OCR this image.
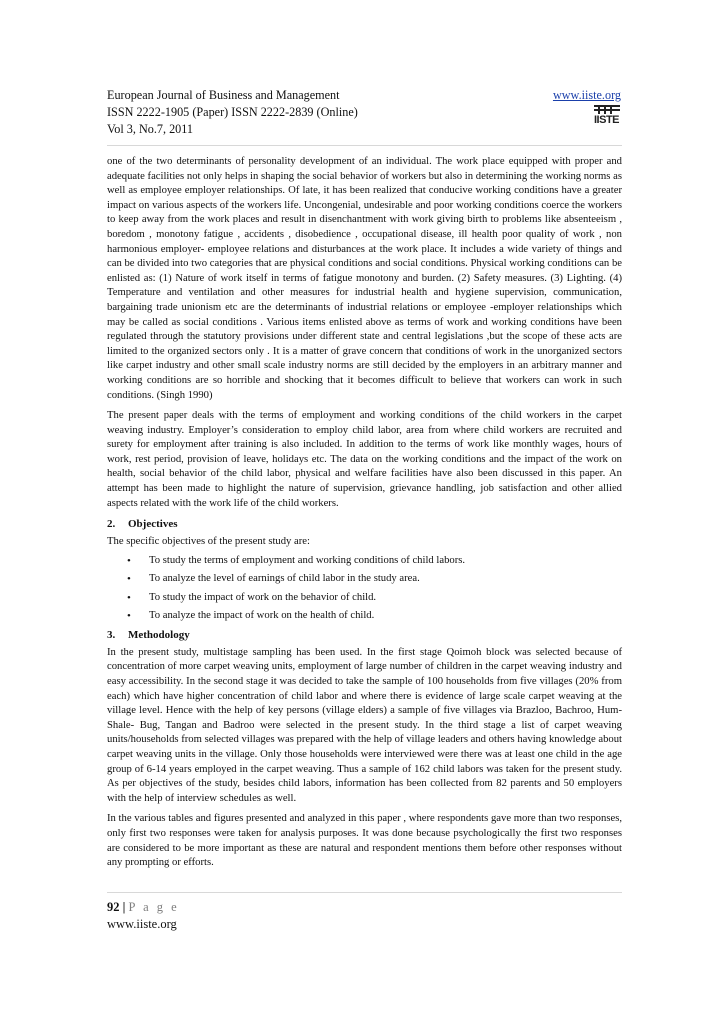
European Journal of Business and Management
ISSN 2222-1905 (Paper) ISSN 2222-2839 (Online)
Vol 3, No.7, 2011
www.iiste.org
IISTE

one of the two determinants of personality development of an individual. The work place equipped with proper and adequate facilities not only helps in shaping the social behavior of workers but also in determining the working norms as well as employee employer relationships. Of late, it has been realized that conducive working conditions have a greater impact on various aspects of the workers life. Uncongenial, undesirable and poor working conditions coerce the workers to keep away from the work places and result in disenchantment with work giving birth to problems like absenteeism , boredom , monotony fatigue , accidents , disobedience , occupational disease, ill health poor quality of work , non harmonious employer- employee relations and disturbances at the work place. It includes a wide variety of things and can be divided into two categories that are physical conditions and social conditions. Physical working conditions can be enlisted as: (1) Nature of work itself in terms of fatigue monotony and burden. (2) Safety measures. (3) Lighting. (4) Temperature and ventilation and other measures for industrial health and hygiene supervision, communication, bargaining trade unionism etc are the determinants of industrial relations or employee -employer relationships which may be called as social conditions . Various items enlisted above as terms of work and working conditions have been regulated through the statutory provisions under different state and central legislations ,but the scope of these acts are limited to the organized sectors only . It is a matter of grave concern that conditions of work in the unorganized sectors like carpet industry and other small scale industry norms are still decided by the employers in an arbitrary manner and working conditions are so horrible and shocking that it becomes difficult to believe that workers can work in such conditions. (Singh 1990)

The present paper deals with the terms of employment and working conditions of the child workers in the carpet weaving industry. Employer’s consideration to employ child labor, area from where child workers are recruited and surety for employment after training is also included. In addition to the terms of work like monthly wages, hours of work, rest period, provision of leave, holidays etc. The data on the working conditions and the impact of the work on health, social behavior of the child labor, physical and welfare facilities have also been discussed in this paper. An attempt has been made to highlight the nature of supervision, grievance handling, job satisfaction and other allied aspects related with the work life of the child workers.

2. Objectives

The specific objectives of the present study are:

• To study the terms of employment and working conditions of child labors.
• To analyze the level of earnings of child labor in the study area.
• To study the impact of work on the behavior of child.
• To analyze the impact of work on the health of child.
3. Methodology

In the present study, multistage sampling has been used. In the first stage Qoimoh block was selected because of concentration of more carpet weaving units, employment of large number of children in the carpet weaving industry and easy accessibility. In the second stage it was decided to take the sample of 100 households from five villages (20% from each) which have higher concentration of child labor and where there is evidence of large scale carpet weaving at the village level. Hence with the help of key persons (village elders) a sample of five villages via Brazloo, Bachroo, Hum-Shale- Bug, Tangan and Badroo were selected in the present study. In the third stage a list of carpet weaving units/households from selected villages was prepared with the help of village leaders and others having knowledge about carpet weaving units in the village. Only those households were interviewed were there was at least one child in the age group of 6-14 years employed in the carpet weaving. Thus a sample of 162 child labors was taken for the present study. As per objectives of the study, besides child labors, information has been collected from 82 parents and 50 employers with the help of interview schedules as well.

In the various tables and figures presented and analyzed in this paper , where respondents gave more than two responses, only first two responses were taken for analysis purposes. It was done because psychologically the first two responses are considered to be more important as these are natural and respondent mentions them before other responses without any prompting or efforts.

92 | P a g e
www.iiste.org
